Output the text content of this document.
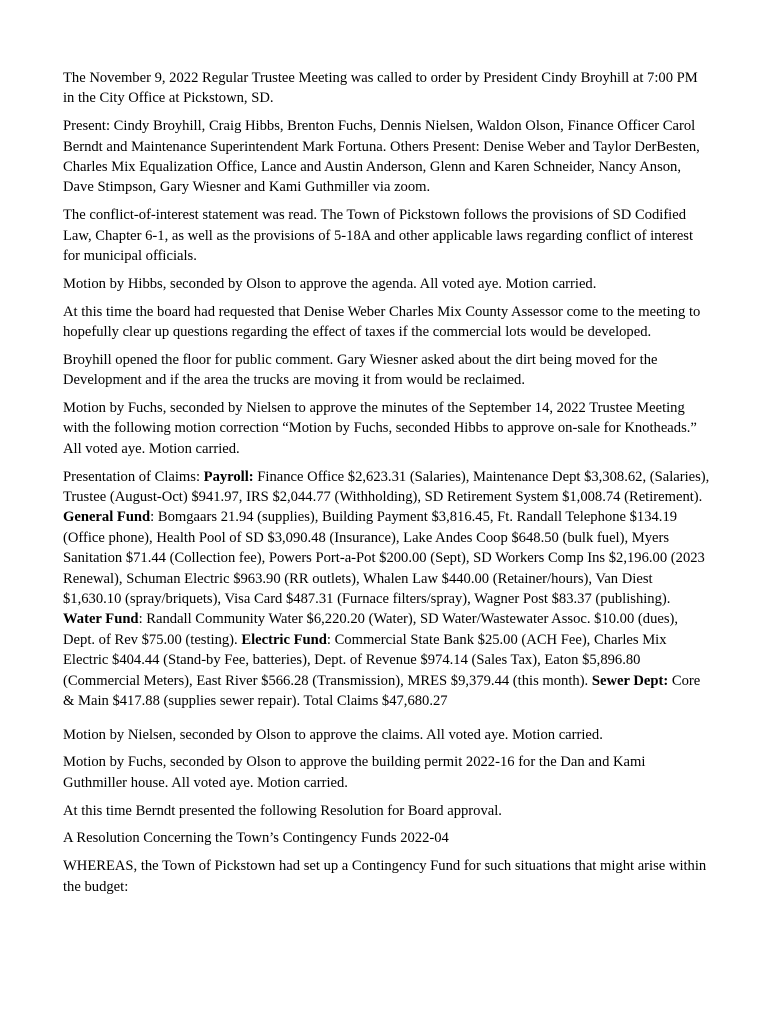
The November 9, 2022 Regular Trustee Meeting was called to order by President Cindy Broyhill at 7:00 PM in the City Office at Pickstown, SD.

Present: Cindy Broyhill, Craig Hibbs, Brenton Fuchs, Dennis Nielsen, Waldon Olson, Finance Officer Carol Berndt and Maintenance Superintendent Mark Fortuna. Others Present: Denise Weber and Taylor DerBesten, Charles Mix Equalization Office, Lance and Austin Anderson, Glenn and Karen Schneider, Nancy Anson, Dave Stimpson, Gary Wiesner and Kami Guthmiller via zoom.

The conflict-of-interest statement was read. The Town of Pickstown follows the provisions of SD Codified Law, Chapter 6-1, as well as the provisions of 5-18A and other applicable laws regarding conflict of interest for municipal officials.

Motion by Hibbs, seconded by Olson to approve the agenda. All voted aye. Motion carried.

At this time the board had requested that Denise Weber Charles Mix County Assessor come to the meeting to hopefully clear up questions regarding the effect of taxes if the commercial lots would be developed.

Broyhill opened the floor for public comment. Gary Wiesner asked about the dirt being moved for the Development and if the area the trucks are moving it from would be reclaimed.

Motion by Fuchs, seconded by Nielsen to approve the minutes of the September 14, 2022 Trustee Meeting with the following motion correction “Motion by Fuchs, seconded Hibbs to approve on-sale for Knotheads.” All voted aye. Motion carried.

Presentation of Claims: Payroll: Finance Office $2,623.31 (Salaries), Maintenance Dept $3,308.62, (Salaries), Trustee (August-Oct) $941.97, IRS $2,044.77 (Withholding), SD Retirement System $1,008.74 (Retirement). General Fund: Bomgaars 21.94 (supplies), Building Payment $3,816.45, Ft. Randall Telephone $134.19 (Office phone), Health Pool of SD $3,090.48 (Insurance), Lake Andes Coop $648.50 (bulk fuel), Myers Sanitation $71.44 (Collection fee), Powers Port-a-Pot $200.00 (Sept), SD Workers Comp Ins $2,196.00 (2023 Renewal), Schuman Electric $963.90 (RR outlets), Whalen Law $440.00 (Retainer/hours), Van Diest $1,630.10 (spray/briquets), Visa Card $487.31 (Furnace filters/spray), Wagner Post $83.37 (publishing). Water Fund: Randall Community Water $6,220.20 (Water), SD Water/Wastewater Assoc. $10.00 (dues), Dept. of Rev $75.00 (testing). Electric Fund: Commercial State Bank $25.00 (ACH Fee), Charles Mix Electric $404.44 (Stand-by Fee, batteries), Dept. of Revenue $974.14 (Sales Tax), Eaton $5,896.80 (Commercial Meters), East River $566.28 (Transmission), MRES $9,379.44 (this month). Sewer Dept: Core & Main $417.88 (supplies sewer repair). Total Claims $47,680.27

Motion by Nielsen, seconded by Olson to approve the claims. All voted aye. Motion carried.

Motion by Fuchs, seconded by Olson to approve the building permit 2022-16 for the Dan and Kami Guthmiller house. All voted aye. Motion carried.

At this time Berndt presented the following Resolution for Board approval.

A Resolution Concerning the Town’s Contingency Funds 2022-04

WHEREAS, the Town of Pickstown had set up a Contingency Fund for such situations that might arise within the budget:
